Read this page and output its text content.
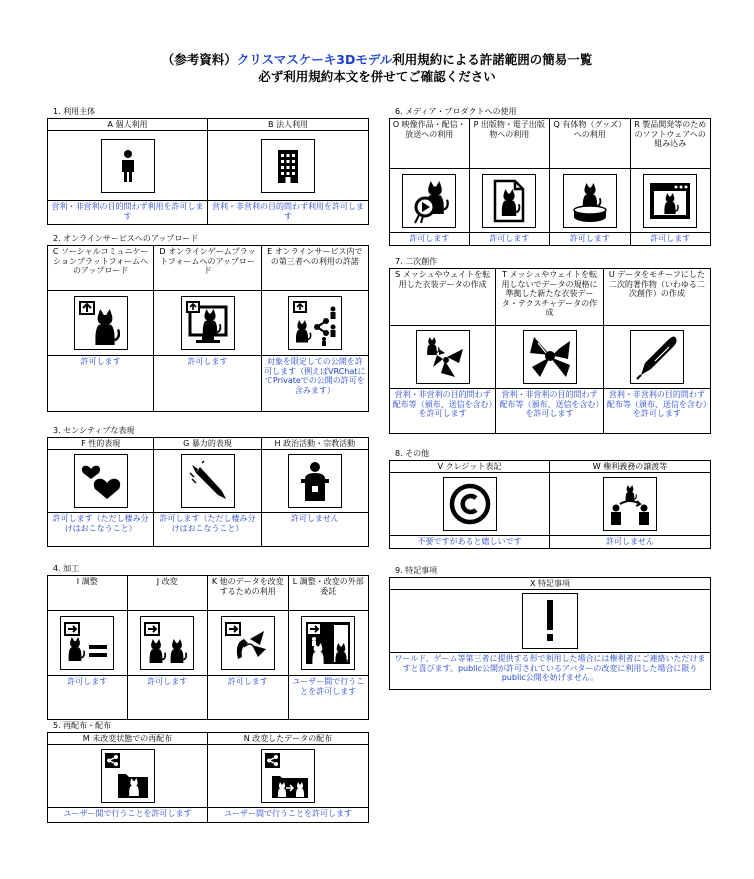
（参考資料）クリスマスケーキ3Dモデル利用規約による許諾範囲の簡易一覧
必ず利用規約本文を併せてご確認ください
1. 利用主体
A 個人利用
営利・非営利の目的問わず利用を許可します
B 法人利用
営利・非営利の目的問わず利用を許可します
2. オンラインサービスへのアップロード
C ソーシャルコミュニケーションプラットフォームへのアップロード
許可します
D オンラインゲームプラットフォームへのアップロード
許可します
E オンラインサービス内での第三者への利用の許諾
対象を限定しての公開を許可します（例えばVRChatにてPrivateでの公開の許可を含みます）
3. センシティブな表現
F 性的表現
許可します（ただし棲み分けはおこなうこと）
G 暴力的表現
許可します（ただし棲み分けはおこなうこと）
H 政治活動・宗教活動
許可しません
4. 加工
I 調整
許可します
J 改変
許可します
K 他のデータを改変するための利用
許可します
L 調整・改変の外部委託
ユーザー間で行うことを許可します
5. 再配布・配布
M 未改変状態での再配布
ユーザー間で行うことを許可します
N 改変したデータの配布
ユーザー間で行うことを許可します
6. メディア・プロダクトへの使用
O 映像作品・配信・放送への利用
許可します
P 出版物・電子出版物への利用
許可します
Q 有体物（グッズ）への利用
許可します
R 製品開発等のためのソフトウェアへの組み込み
許可します
7. 二次創作
S メッシュやウェイトを転用した衣装データの作成
営利・非営利の目的問わず配布等（頒布、送信を含む）を許可します
T メッシュやウェイトを転用しないでデータの規格に準拠した新たな衣装データ・テクスチャデータの作成
営利・非営利の目的問わず配布等（頒布、送信を含む）を許可します
U データをモチーフにした二次的著作物（いわゆる二次創作）の作成
営利・非営利の目的問わず配布等（頒布、送信を含む）を許可します
8. その他
V クレジット表記
不要ですがあると嬉しいです
W 権利義務の譲渡等
許可しません
9. 特記事項
X 特記事項
ワールド、ゲーム等第三者に提供する形で利用した場合には権利者にご連絡いただけますと喜びます。public公開が許可されているアバターの改変に利用した場合に限りpublic公開を妨げません。
